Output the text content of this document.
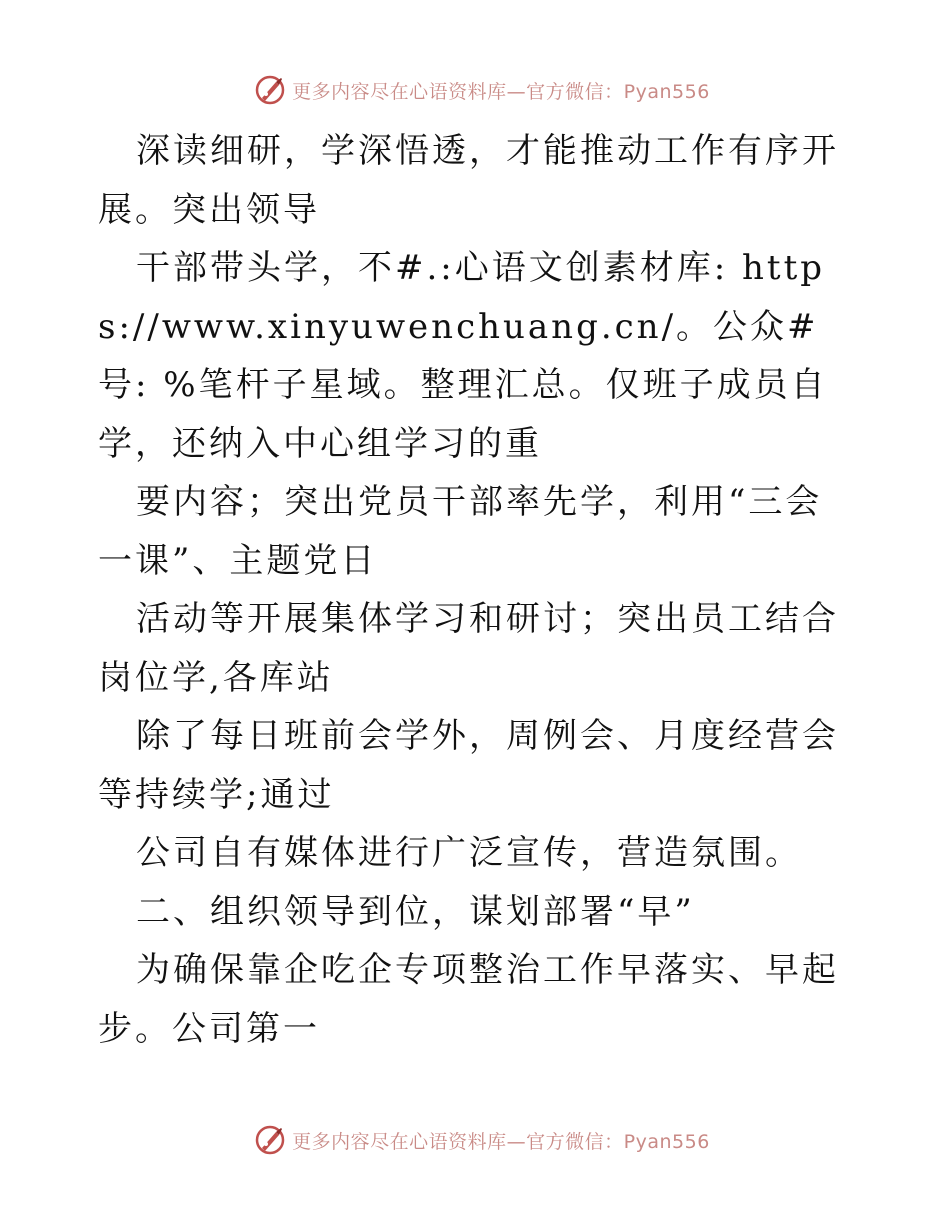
更多内容尽在心语资料库—官方微信：Pyan556

深读细研，学深悟透，才能推动工作有序开展。突出领导

干部带头学，不#.:心语文创素材库: https://www.xinyuwenchuang.cn/。公众#号: %笔杆子星域。整理汇总。仅班子成员自学，还纳入中心组学习的重

要内容；突出党员干部率先学，利用“三会一课”、主题党日

活动等开展集体学习和研讨；突出员工结合岗位学,各库站

除了每日班前会学外，周例会、月度经营会等持续学;通过

公司自有媒体进行广泛宣传，营造氛围。

二、组织领导到位，谋划部署“早”

为确保靠企吃企专项整治工作早落实、早起步。公司第一

更多内容尽在心语资料库—官方微信：Pyan556
